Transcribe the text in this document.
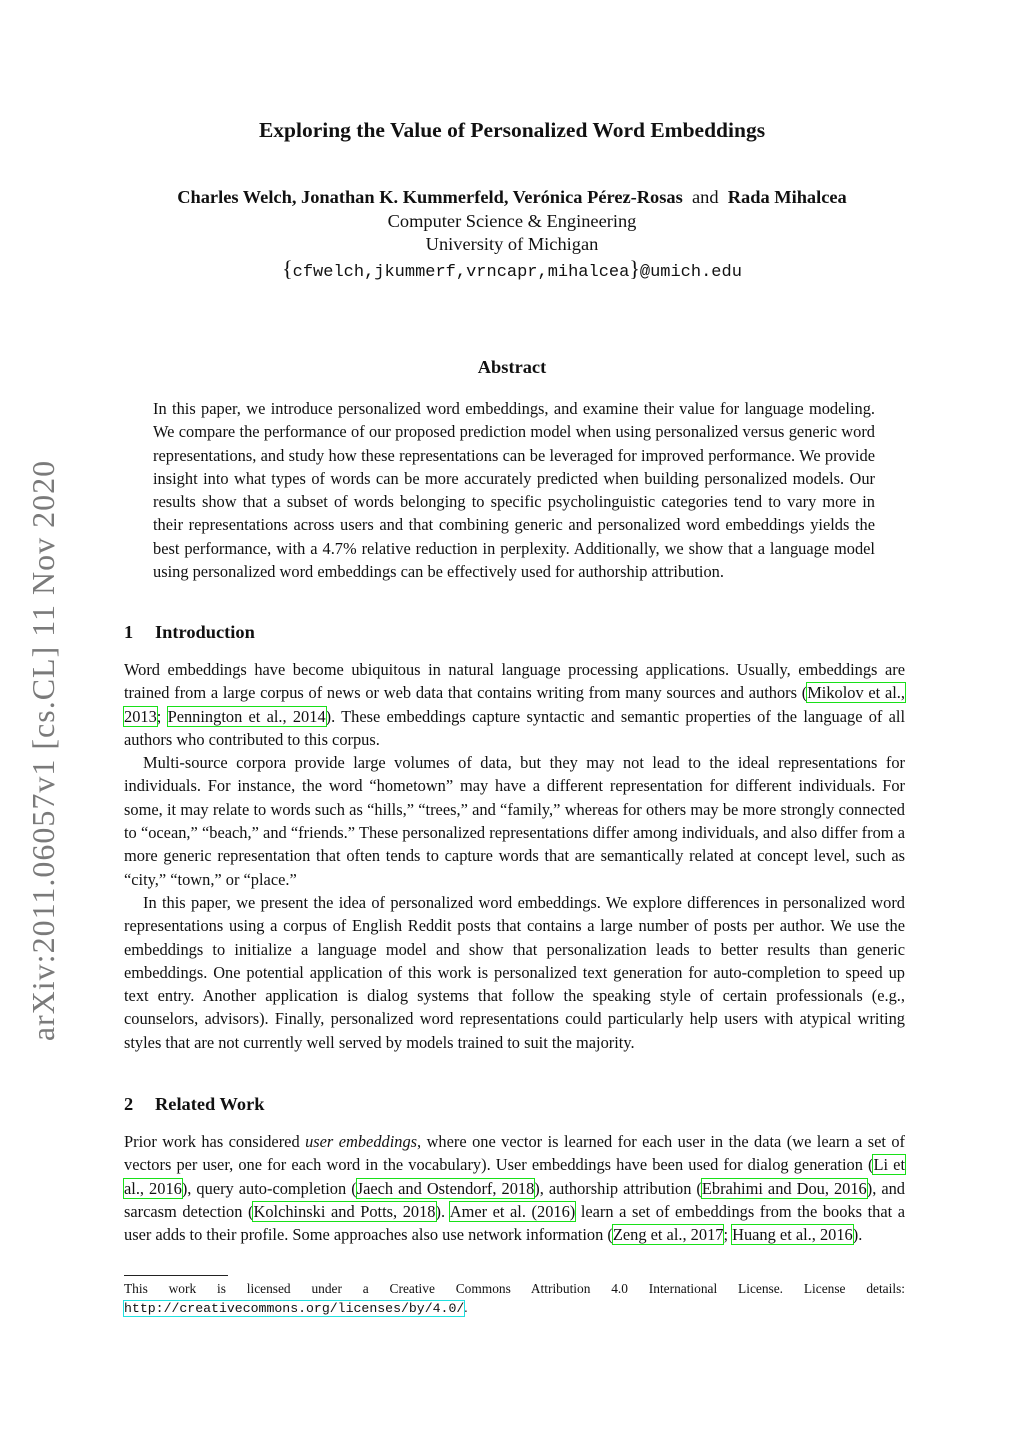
arXiv:2011.06057v1 [cs.CL] 11 Nov 2020
Exploring the Value of Personalized Word Embeddings
Charles Welch, Jonathan K. Kummerfeld, Verónica Pérez-Rosas and Rada Mihalcea
Computer Science & Engineering
University of Michigan
{cfwelch,jkummerf,vrncapr,mihalcea}@umich.edu
Abstract

In this paper, we introduce personalized word embeddings, and examine their value for language modeling. We compare the performance of our proposed prediction model when using personalized versus generic word representations, and study how these representations can be leveraged for improved performance. We provide insight into what types of words can be more accurately predicted when building personalized models. Our results show that a subset of words belonging to specific psycholinguistic categories tend to vary more in their representations across users and that combining generic and personalized word embeddings yields the best performance, with a 4.7% relative reduction in perplexity. Additionally, we show that a language model using personalized word embeddings can be effectively used for authorship attribution.

1 Introduction

Word embeddings have become ubiquitous in natural language processing applications. Usually, embeddings are trained from a large corpus of news or web data that contains writing from many sources and authors (Mikolov et al., 2013; Pennington et al., 2014). These embeddings capture syntactic and semantic properties of the language of all authors who contributed to this corpus.

Multi-source corpora provide large volumes of data, but they may not lead to the ideal representations for individuals. For instance, the word “hometown” may have a different representation for different individuals. For some, it may relate to words such as “hills,” “trees,” and “family,” whereas for others may be more strongly connected to “ocean,” “beach,” and “friends.” These personalized representations differ among individuals, and also differ from a more generic representation that often tends to capture words that are semantically related at concept level, such as “city,” “town,” or “place.”

In this paper, we present the idea of personalized word embeddings. We explore differences in personalized word representations using a corpus of English Reddit posts that contains a large number of posts per author. We use the embeddings to initialize a language model and show that personalization leads to better results than generic embeddings. One potential application of this work is personalized text generation for auto-completion to speed up text entry. Another application is dialog systems that follow the speaking style of certain professionals (e.g., counselors, advisors). Finally, personalized word representations could particularly help users with atypical writing styles that are not currently well served by models trained to suit the majority.

2 Related Work

Prior work has considered user embeddings, where one vector is learned for each user in the data (we learn a set of vectors per user, one for each word in the vocabulary). User embeddings have been used for dialog generation (Li et al., 2016), query auto-completion (Jaech and Ostendorf, 2018), authorship attribution (Ebrahimi and Dou, 2016), and sarcasm detection (Kolchinski and Potts, 2018). Amer et al. (2016) learn a set of embeddings from the books that a user adds to their profile. Some approaches also use network information (Zeng et al., 2017; Huang et al., 2016).

This work is licensed under a Creative Commons Attribution 4.0 International License. License details: http://creativecommons.org/licenses/by/4.0/.
